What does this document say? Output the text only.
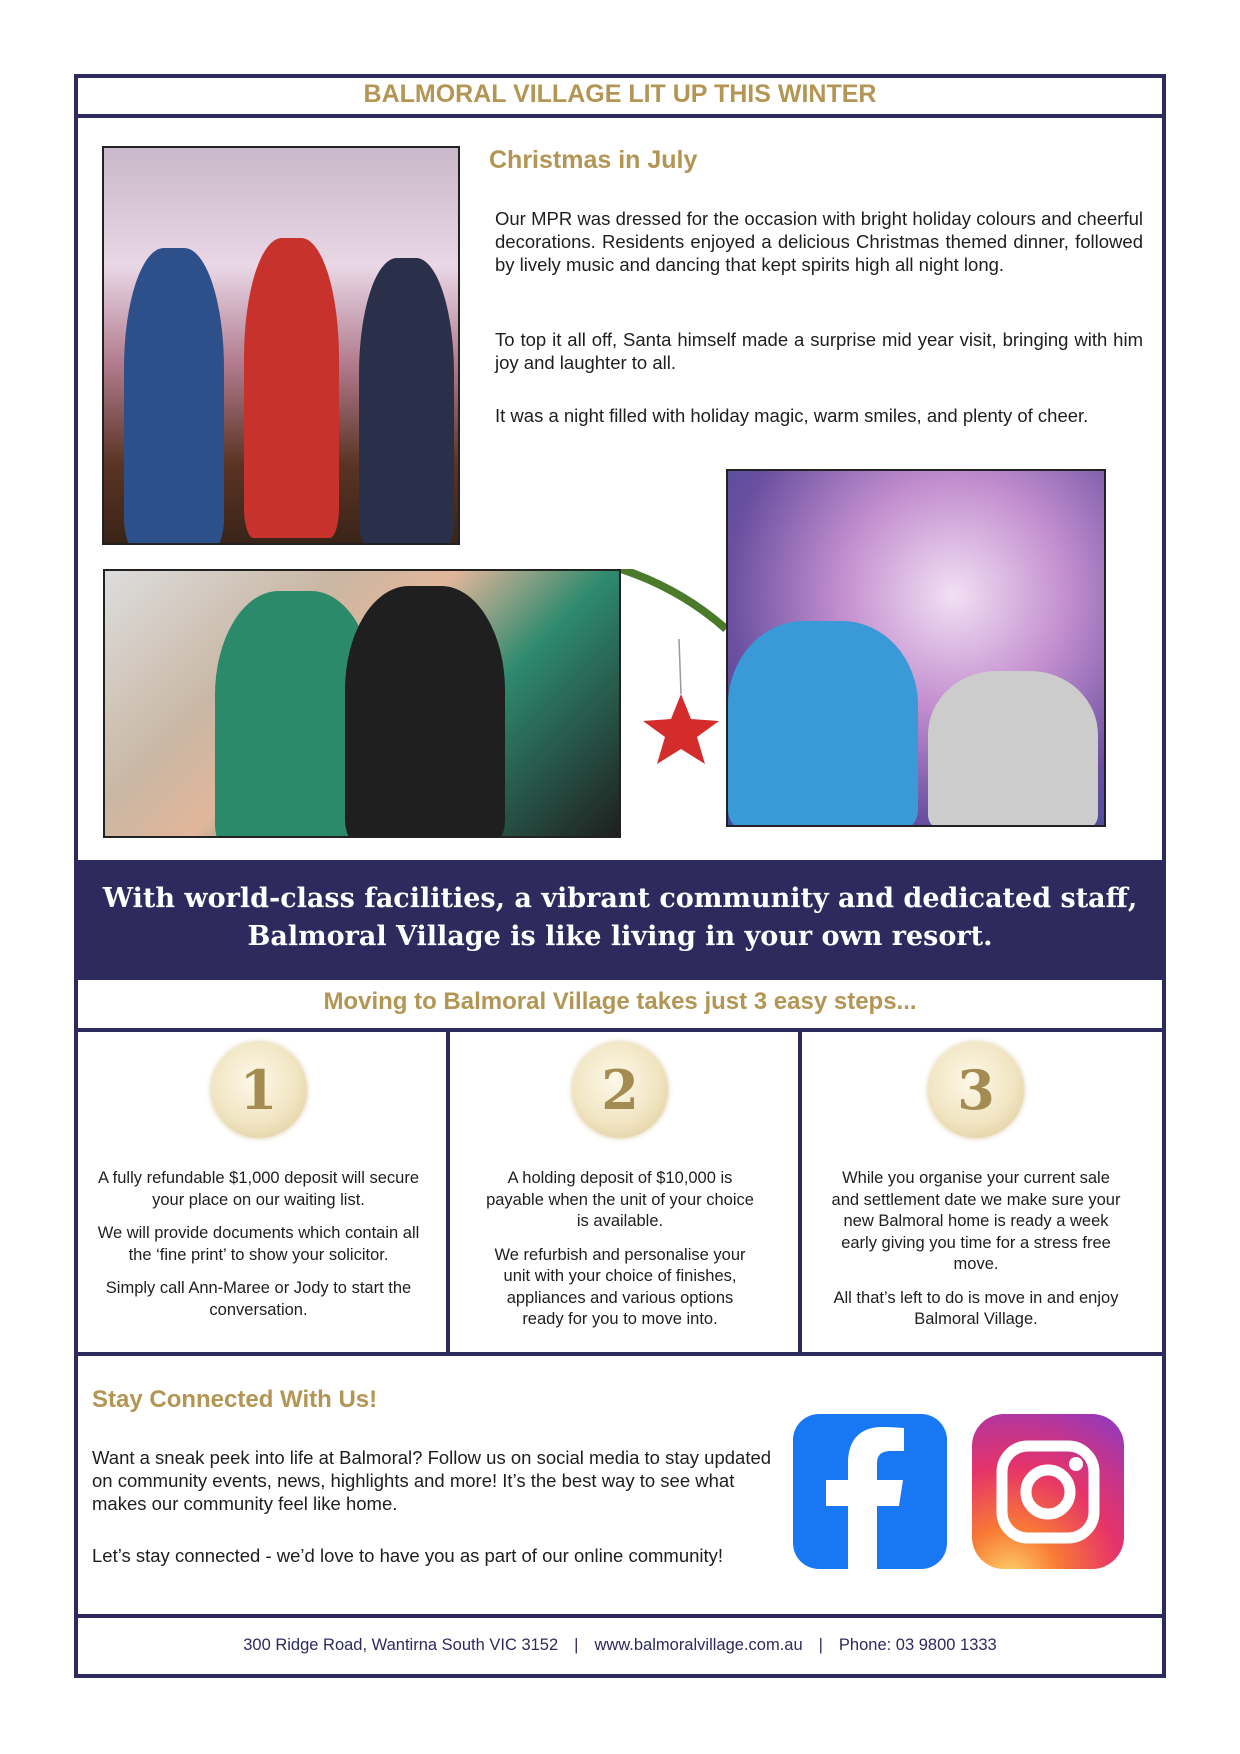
BALMORAL VILLAGE LIT UP THIS WINTER
Christmas in July

Our MPR was dressed for the occasion with bright holiday colours and cheerful decorations. Residents enjoyed a delicious Christmas themed dinner, followed by lively music and dancing that kept spirits high all night long.

To top it all off, Santa himself made a surprise mid year visit, bringing with him joy and laughter to all.

It was a night filled with holiday magic, warm smiles, and plenty of cheer.

With world-class facilities, a vibrant community and dedicated staff,
Balmoral Village is like living in your own resort.
Moving to Balmoral Village takes just 3 easy steps...
1

A fully refundable $1,000 deposit will secure your place on our waiting list.

We will provide documents which contain all the ‘fine print’ to show your solicitor.

Simply call Ann-Maree or Jody to start the conversation.

2

A holding deposit of $10,000 is payable when the unit of your choice is available.

We refurbish and personalise your unit with your choice of finishes, appliances and various options ready for you to move into.

3

While you organise your current sale and settlement date we make sure your new Balmoral home is ready a week early giving you time for a stress free move.

All that’s left to do is move in and enjoy Balmoral Village.

Stay Connected With Us!

Want a sneak peek into life at Balmoral? Follow us on social media to stay updated on community events, news, highlights and more! It’s the best way to see what makes our community feel like home.

Let’s stay connected - we’d love to have you as part of our online community!

300 Ridge Road, Wantirna South VIC 3152 | www.balmoralvillage.com.au | Phone: 03 9800 1333
